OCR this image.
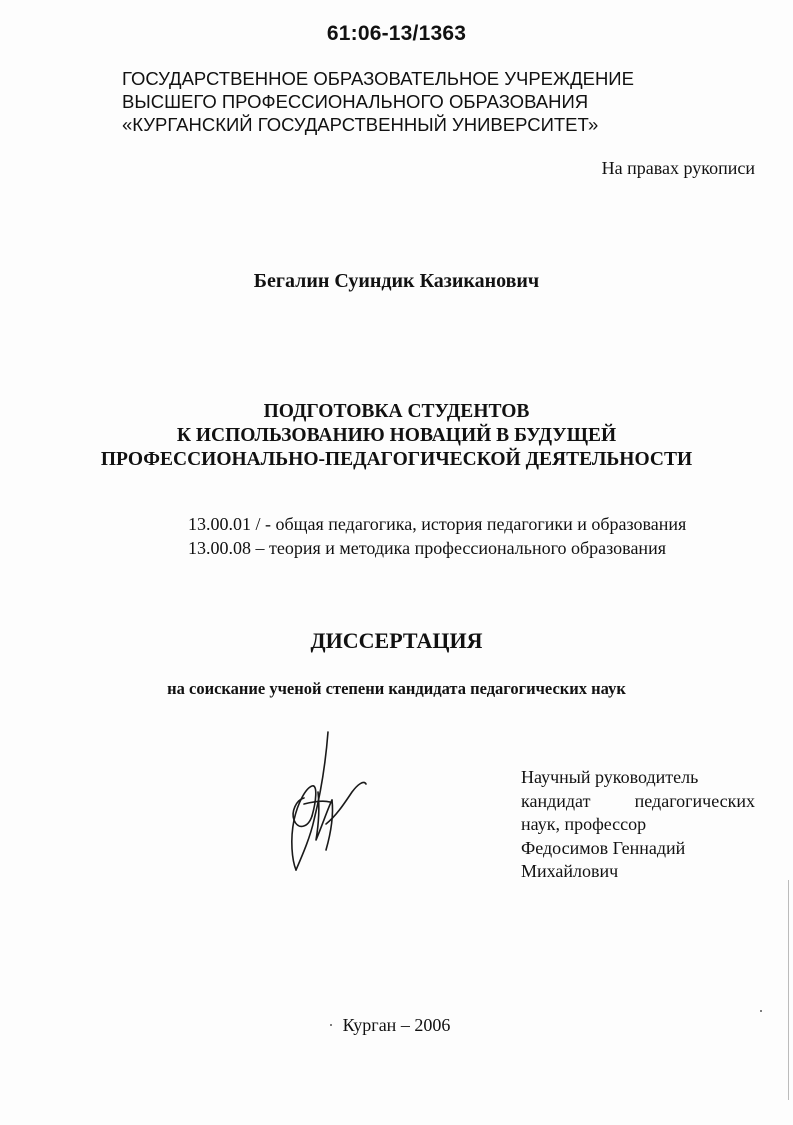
61:06-13/1363
ГОСУДАРСТВЕННОЕ ОБРАЗОВАТЕЛЬНОЕ УЧРЕЖДЕНИЕ
ВЫСШЕГО ПРОФЕССИОНАЛЬНОГО ОБРАЗОВАНИЯ
«КУРГАНСКИЙ ГОСУДАРСТВЕННЫЙ УНИВЕРСИТЕТ»
На правах рукописи
Бегалин Суиндик Казиканович
ПОДГОТОВКА СТУДЕНТОВ
К ИСПОЛЬЗОВАНИЮ НОВАЦИЙ В БУДУЩЕЙ
ПРОФЕССИОНАЛЬНО-ПЕДАГОГИЧЕСКОЙ ДЕЯТЕЛЬНОСТИ
13.00.01 / - общая педагогика, история педагогики и образования
13.00.08 – теория и методика профессионального образования
ДИССЕРТАЦИЯ
на соискание ученой степени кандидата педагогических наук
Научный руководитель
кандидат педагогических
наук, профессор
Федосимов Геннадий
Михайлович
Курган – 2006
